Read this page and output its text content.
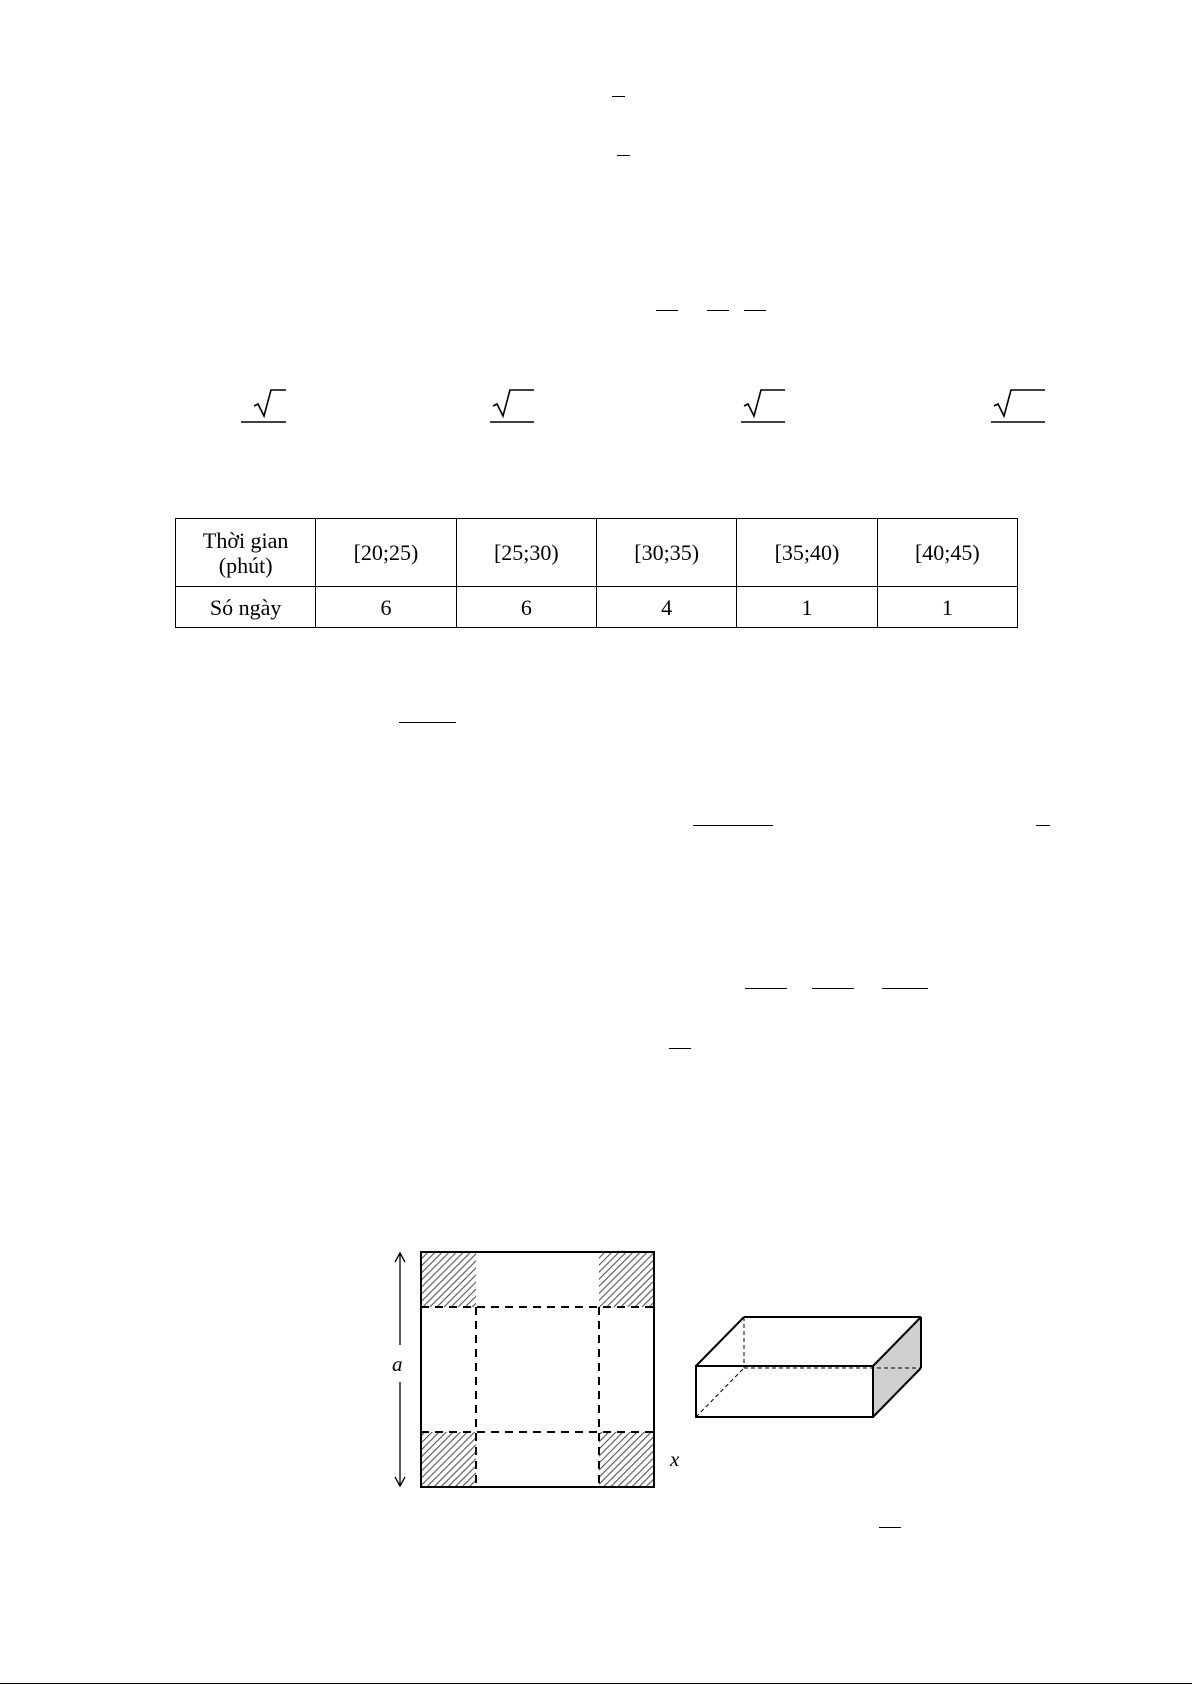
Thời gian (phút)	[20;25)	[25;30)	[30;35)	[35;40)	[40;45)
Só ngày	6	6	4	1	1
a
x
